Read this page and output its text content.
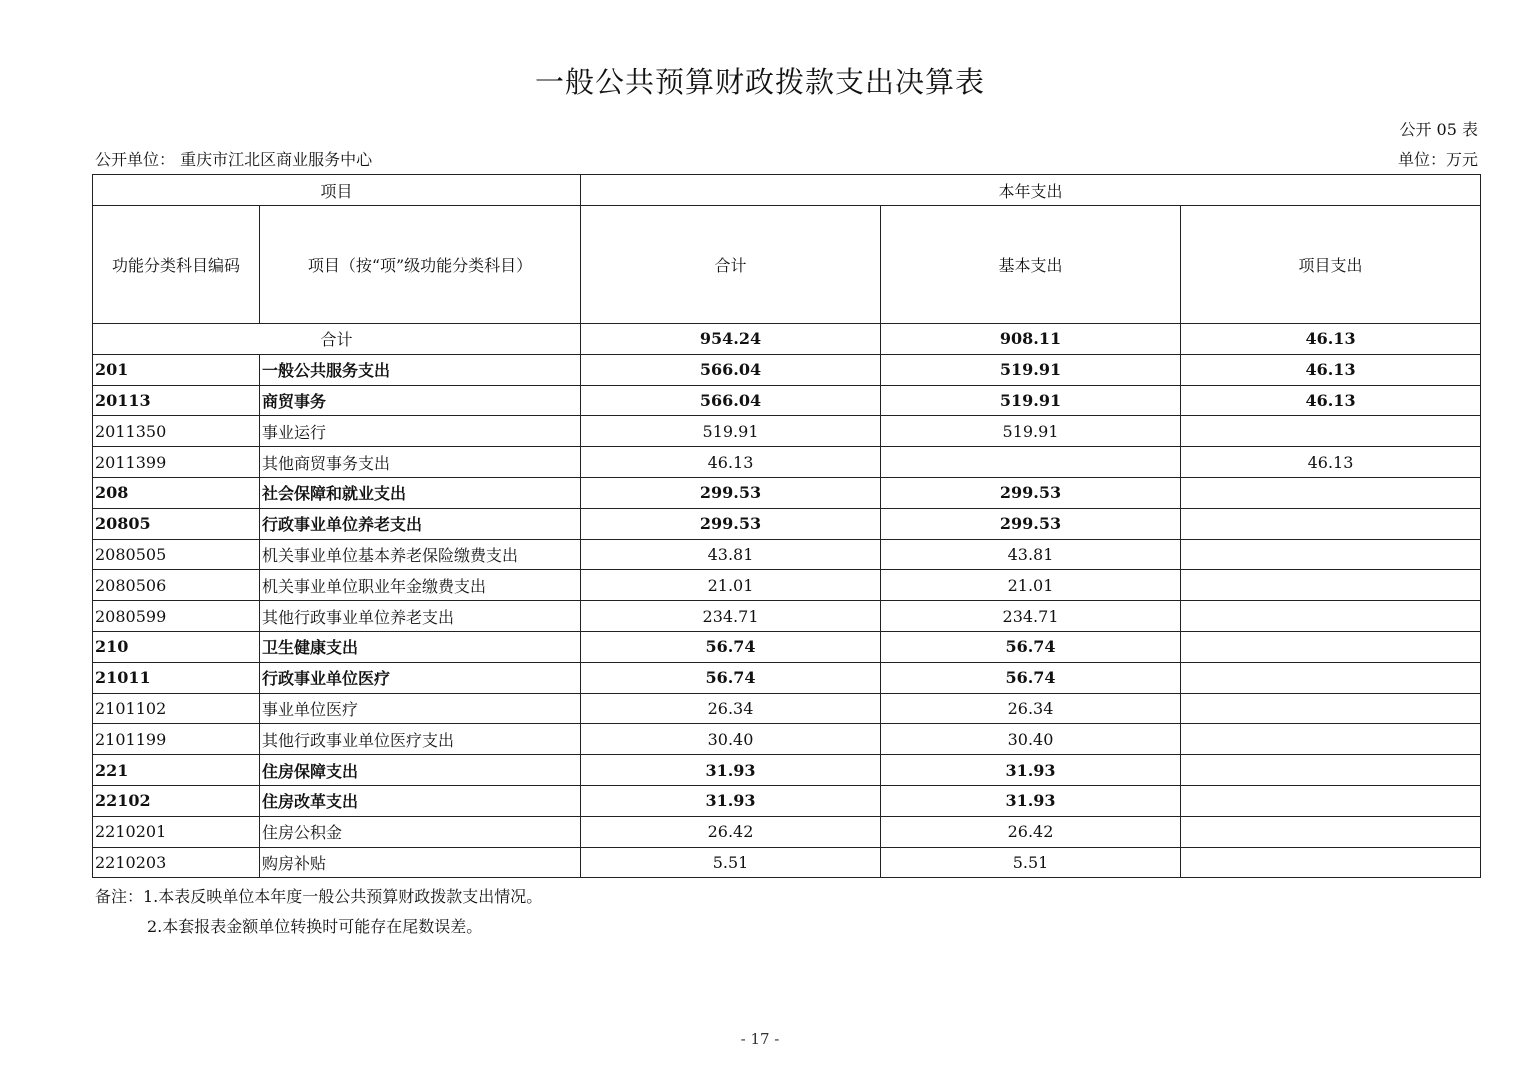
一般公共预算财政拨款支出决算表
公开 05 表
公开单位： 重庆市江北区商业服务中心	单位：万元
项目		本年支出		
功能分类科目编码	项目（按“项”级功能分类科目）	合计	基本支出	项目支出
合计		954.24	908.11	46.13
201	一般公共服务支出	566.04	519.91	46.13
20113	商贸事务	566.04	519.91	46.13
2011350	事业运行	519.91	519.91	
2011399	其他商贸事务支出	46.13		46.13
208	社会保障和就业支出	299.53	299.53	
20805	行政事业单位养老支出	299.53	299.53	
2080505	机关事业单位基本养老保险缴费支出	43.81	43.81	
2080506	机关事业单位职业年金缴费支出	21.01	21.01	
2080599	其他行政事业单位养老支出	234.71	234.71	
210	卫生健康支出	56.74	56.74	
21011	行政事业单位医疗	56.74	56.74	
2101102	事业单位医疗	26.34	26.34	
2101199	其他行政事业单位医疗支出	30.40	30.40	
221	住房保障支出	31.93	31.93	
22102	住房改革支出	31.93	31.93	
2210201	住房公积金	26.42	26.42	
2210203	购房补贴	5.51	5.51	
备注：1.本表反映单位本年度一般公共预算财政拨款支出情况。
2.本套报表金额单位转换时可能存在尾数误差。
- 17 -
